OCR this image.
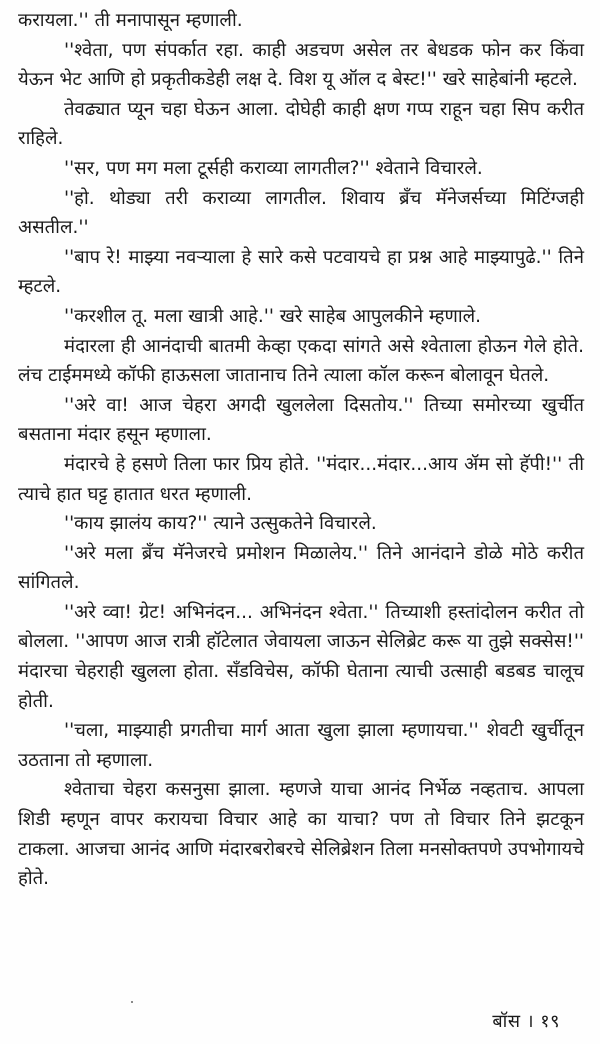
करायला.'' ती मनापासून म्हणाली.

''श्वेता, पण संपर्कात रहा. काही अडचण असेल तर बेधडक फोन कर किंवा येऊन भेट आणि हो प्रकृतीकडेही लक्ष दे. विश यू ऑल द बेस्ट!'' खरे साहेबांनी म्हटले.

तेवढ्यात प्यून चहा घेऊन आला. दोघेही काही क्षण गप्प राहून चहा सिप करीत राहिले.

''सर, पण मग मला टूर्सही कराव्या लागतील?'' श्वेताने विचारले.

''हो. थोड्या तरी कराव्या लागतील. शिवाय ब्रँच मॅनेजर्सच्या मिटिंग्जही असतील.''

''बाप रे! माझ्या नवऱ्याला हे सारे कसे पटवायचे हा प्रश्न आहे माझ्यापुढे.'' तिने म्हटले.

''करशील तू. मला खात्री आहे.'' खरे साहेब आपुलकीने म्हणाले.

मंदारला ही आनंदाची बातमी केव्हा एकदा सांगते असे श्वेताला होऊन गेले होते. लंच टाईममध्ये कॉफी हाऊसला जातानाच तिने त्याला कॉल करून बोलावून घेतले.

''अरे वा! आज चेहरा अगदी खुललेला दिसतोय.'' तिच्या समोरच्या खुर्चीत बसताना मंदार हसून म्हणाला.

मंदारचे हे हसणे तिला फार प्रिय होते. ''मंदार...मंदार...आय ॲम सो हॅपी!'' ती त्याचे हात घट्ट हातात धरत म्हणाली.

''काय झालंय काय?'' त्याने उत्सुकतेने विचारले.

''अरे मला ब्रँच मॅनेजरचे प्रमोशन मिळालेय.'' तिने आनंदाने डोळे मोठे करीत सांगितले.

''अरे व्वा! ग्रेट! अभिनंदन... अभिनंदन श्वेता.'' तिच्याशी हस्तांदोलन करीत तो बोलला. ''आपण आज रात्री हॉटेलात जेवायला जाऊन सेलिब्रेट करू या तुझे सक्सेस!'' मंदारचा चेहराही खुलला होता. सँडविचेस, कॉफी घेताना त्याची उत्साही बडबड चालूच होती.

''चला, माझ्याही प्रगतीचा मार्ग आता खुला झाला म्हणायचा.'' शेवटी खुर्चीतून उठताना तो म्हणाला.

श्वेताचा चेहरा कसनुसा झाला. म्हणजे याचा आनंद निर्भेळ नव्हताच. आपला शिडी म्हणून वापर करायचा विचार आहे का याचा? पण तो विचार तिने झटकून टाकला. आजचा आनंद आणि मंदारबरोबरचे सेलिब्रेशन तिला मनसोक्तपणे उपभोगायचे होते.

बॉस । १९
